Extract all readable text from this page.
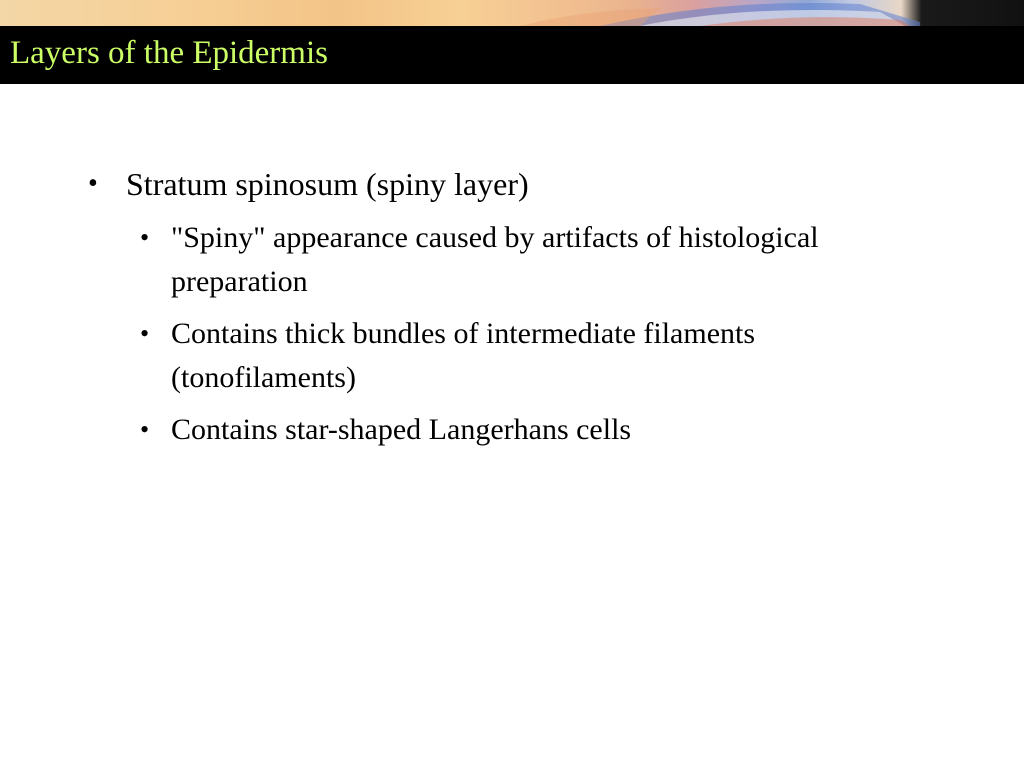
Layers of the Epidermis
• Stratum spinosum (spiny layer)
• "Spiny" appearance caused by artifacts of histological preparation
• Contains thick bundles of intermediate filaments (tonofilaments)
• Contains star-shaped Langerhans cells
